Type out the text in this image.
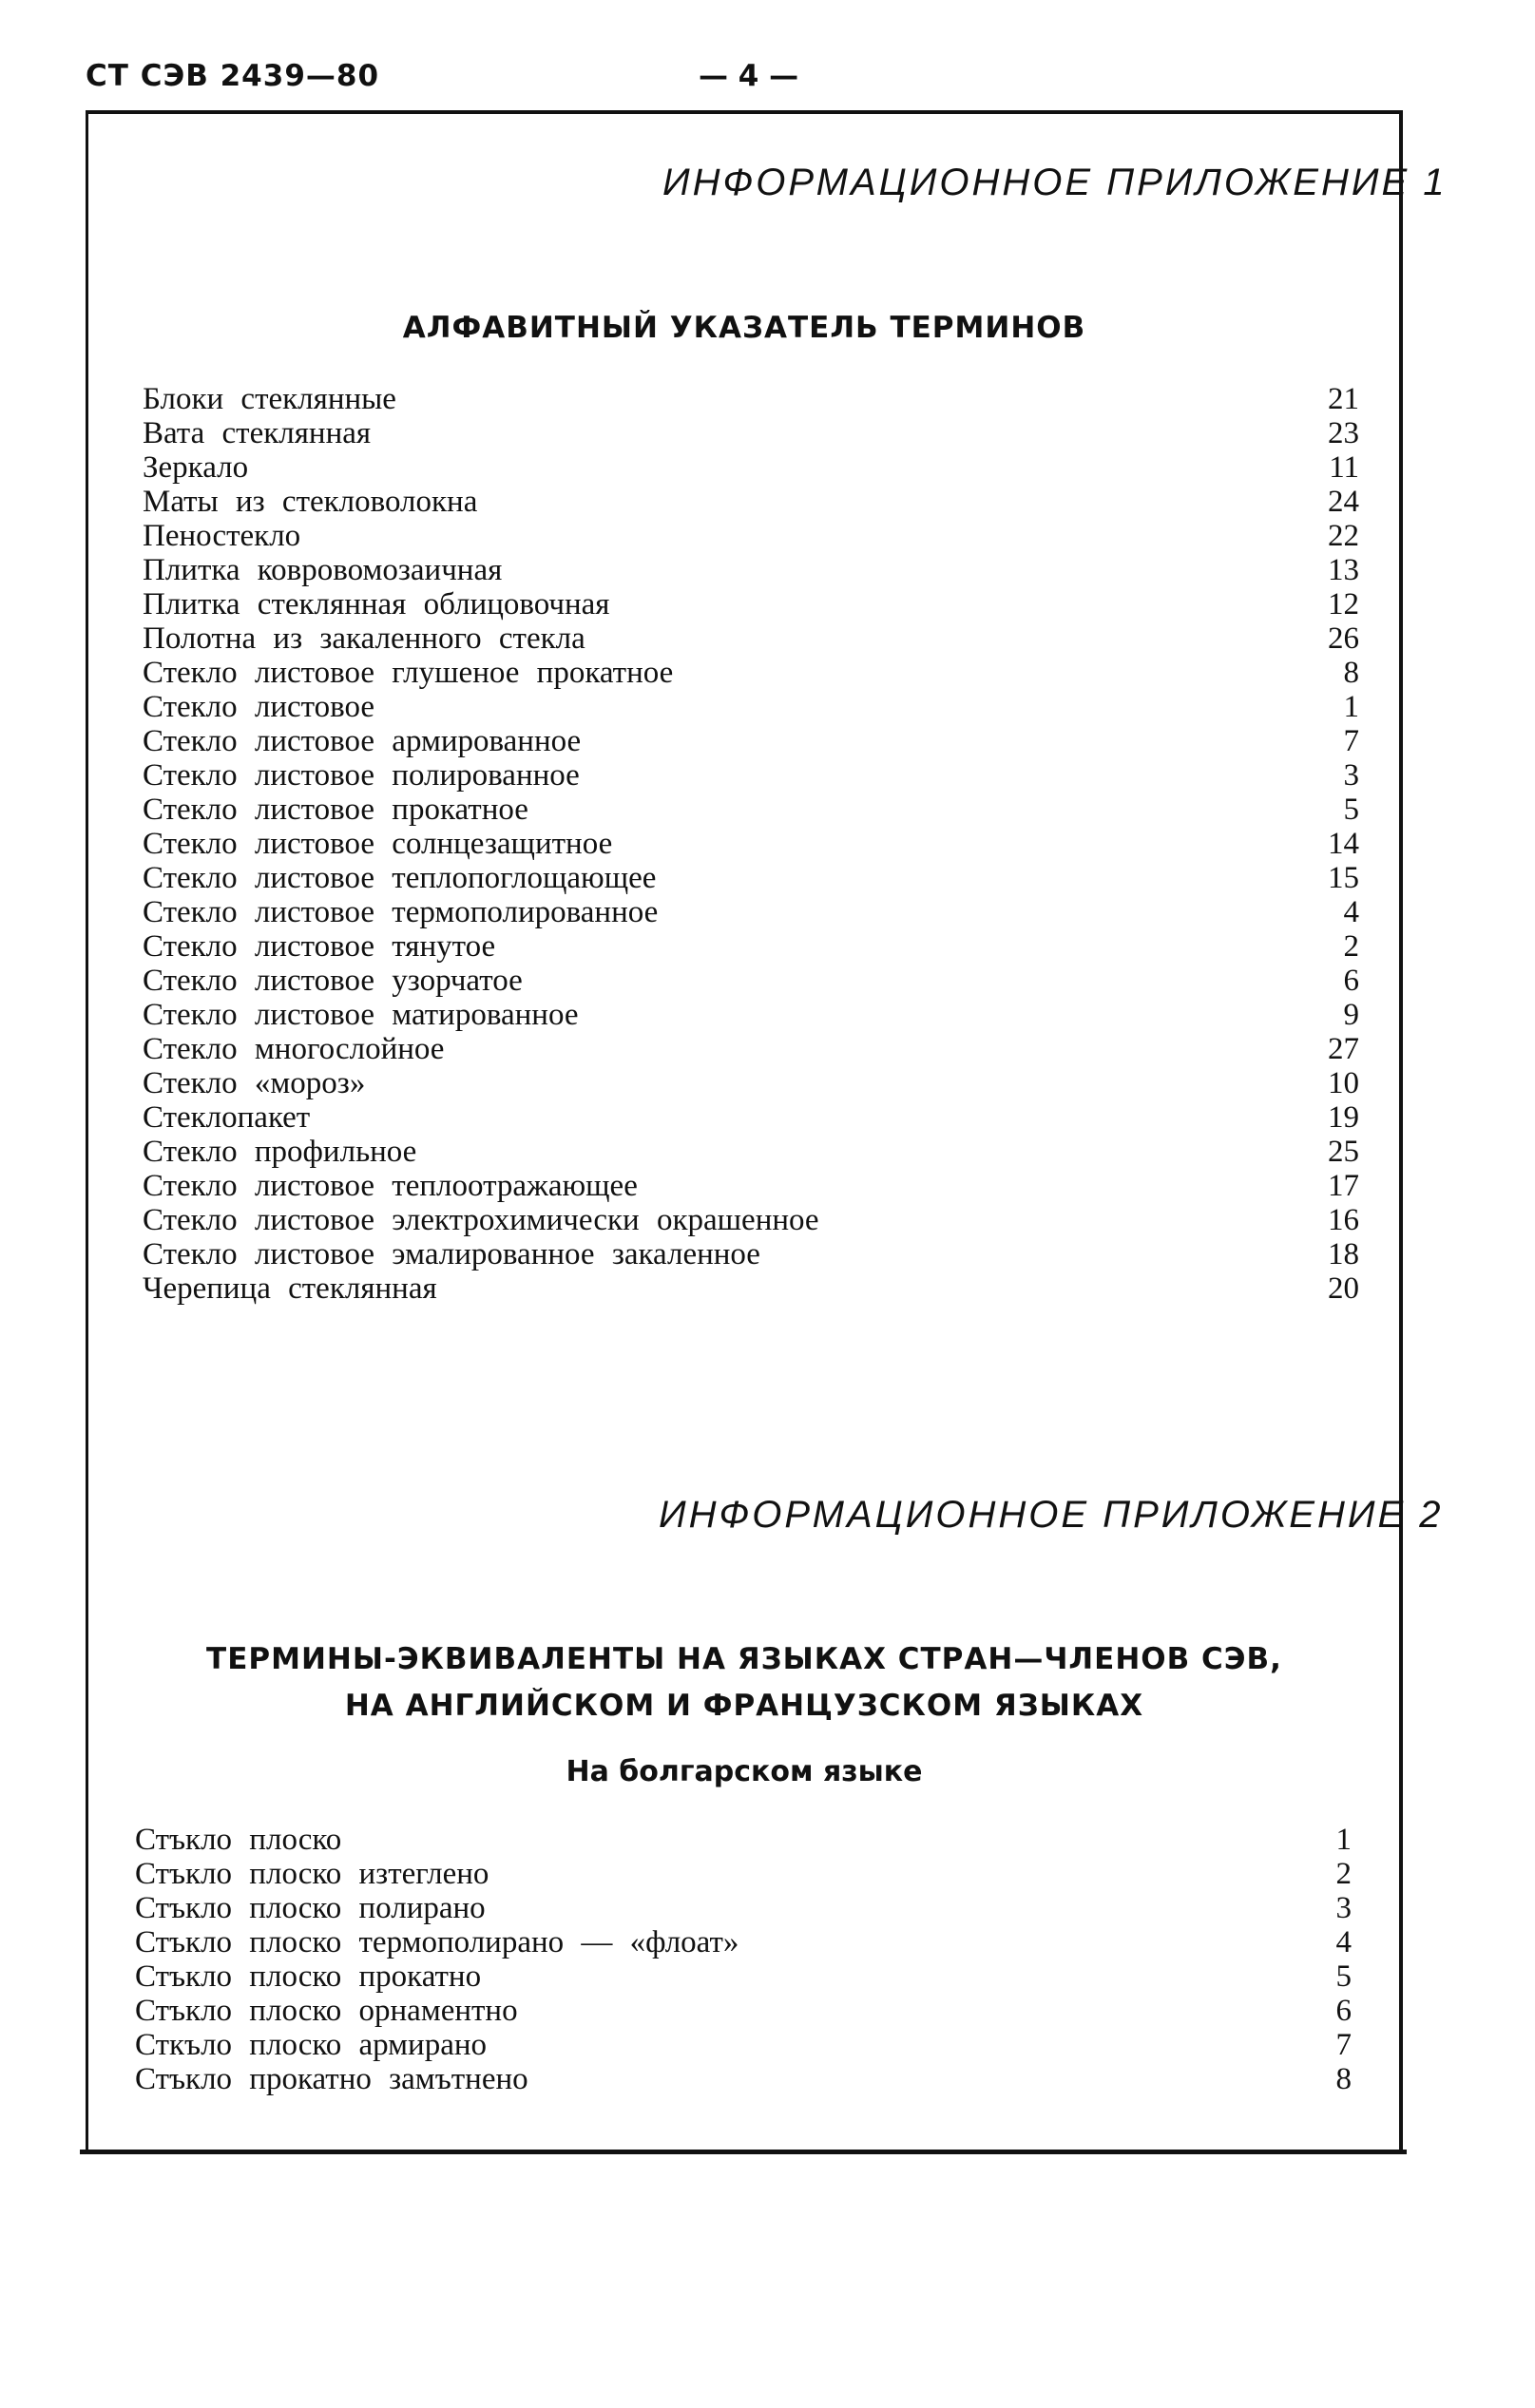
СТ СЭВ 2439—80	— 4 —
ИНФОРМАЦИОННОЕ ПРИЛОЖЕНИЕ 1
АЛФАВИТНЫЙ УКАЗАТЕЛЬ ТЕРМИНОВ
Блоки стеклянные	21
Вата стеклянная	23
Зеркало	11
Маты из стекловолокна	24
Пеностекло	22
Плитка ковровомозаичная	13
Плитка стеклянная облицовочная	12
Полотна из закаленного стекла	26
Стекло листовое глушеное прокатное	8
Стекло листовое	1
Стекло листовое армированное	7
Стекло листовое полированное	3
Стекло листовое прокатное	5
Стекло листовое солнцезащитное	14
Стекло листовое теплопоглощающее	15
Стекло листовое термополированное	4
Стекло листовое тянутое	2
Стекло листовое узорчатое	6
Стекло листовое матированное	9
Стекло многослойное	27
Стекло «мороз»	10
Стеклопакет	19
Стекло профильное	25
Стекло листовое теплоотражающее	17
Стекло листовое электрохимически окрашенное	16
Стекло листовое эмалированное закаленное	18
Черепица стеклянная	20
ИНФОРМАЦИОННОЕ ПРИЛОЖЕНИЕ 2
ТЕРМИНЫ-ЭКВИВАЛЕНТЫ НА ЯЗЫКАХ СТРАН—ЧЛЕНОВ СЭВ,
НА АНГЛИЙСКОМ И ФРАНЦУЗСКОМ ЯЗЫКАХ
На болгарском языке
Стъкло плоско	1
Стъкло плоско изтеглено	2
Стъкло плоско полирано	3
Стъкло плоско термополирано — «флоат»	4
Стъкло плоско прокатно	5
Стъкло плоско орнаментно	6
Сткъло плоско армирано	7
Стъкло прокатно замътнено	8
